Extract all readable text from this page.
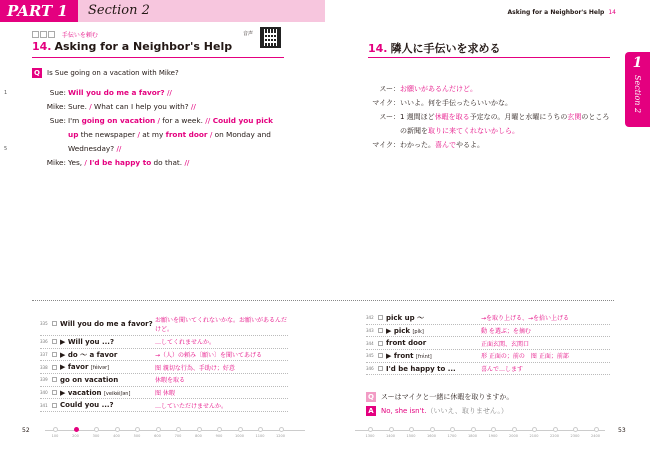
PART 1	Section 2	Asking for a Neighbor's Help 14
1
Section 2
手伝いを頼む	音声
14. Asking for a Neighbor's Help	14. 隣人に手伝いを求める
Q Is Sue going on a vacation with Mike?
1	Sue: Will you do me a favor? //
Mike: Sure. / What can I help you with? //
Sue: I'm going on vacation / for a week. // Could you pick
up the newspaper / at my front door / on Monday and
5	Wednesday? //
Mike: Yes, / I'd be happy to do that. //
スー： お願いがあるんだけど。
マイク： いいよ。何を手伝ったらいいかな。
スー： 1 週間ほど休暇を取る予定なの。月曜と水曜にうちの玄関のところ
の新聞を取りに来てくれないかしら。
マイク： わかった。喜んでやるよ。
335	Will you do me a favor? お願いを聞いてくれないかな。お願いがあるんだけど。
336	▶ Will you ...?	…してくれませんか。
337	▶ do ～ a favor	→（人）の頼み〔願い〕を聞いてあげる
338	▶ favor [féivər]	图 親切な行為、手助け；好意
339	go on vacation	休暇を取る
340	▶ vacation [veikéiʃən]	图 休暇
341	Could you ...?	…していただけませんか。
342	pick up ～	→を取り上げる、→を拾い上げる
343	▶ pick [pík]	動 を選ぶ；を摘む
344	front door	正面玄関、玄関口
345	▶ front [frʌ́nt]	形 正面の；前の　图 正面；前部
346	I'd be happy to ...	喜んで…します
Q スーはマイクと一緒に休暇を取りますか。
A No, she isn't.（いいえ、取りません。）
52	53
100	200	300	400	500	600	700	800	900	1000	1100	1200	1300	1400	1500	1600	1700	1800	1900	2000	2100	2200	2300	2400
